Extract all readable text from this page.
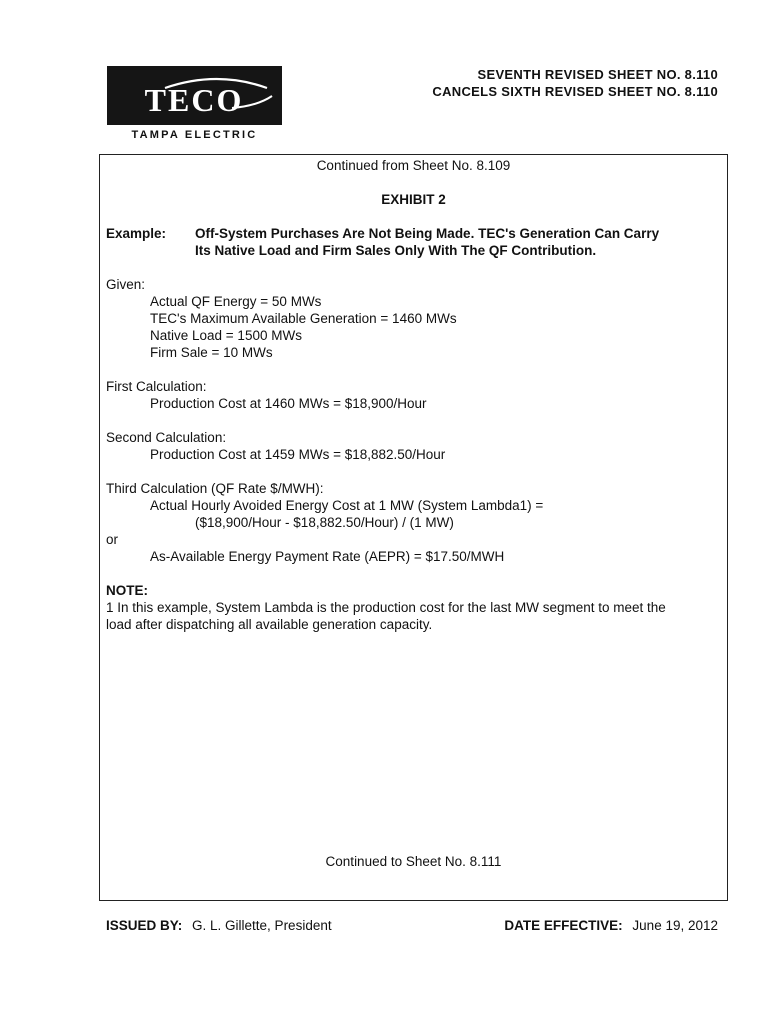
TECO
TAMPA ELECTRIC
SEVENTH REVISED SHEET NO. 8.110
CANCELS SIXTH REVISED SHEET NO. 8.110
Continued from Sheet No. 8.109
EXHIBIT 2
Example: Off-System Purchases Are Not Being Made. TEC's Generation Can Carry
Its Native Load and Firm Sales Only With The QF Contribution.
Given:
Actual QF Energy = 50 MWs
TEC's Maximum Available Generation = 1460 MWs
Native Load = 1500 MWs
Firm Sale = 10 MWs
First Calculation:
Production Cost at 1460 MWs = $18,900/Hour
Second Calculation:
Production Cost at 1459 MWs = $18,882.50/Hour
Third Calculation (QF Rate $/MWH):
Actual Hourly Avoided Energy Cost at 1 MW (System Lambda1) =
($18,900/Hour - $18,882.50/Hour) / (1 MW)
or
As-Available Energy Payment Rate (AEPR) = $17.50/MWH
NOTE:
1 In this example, System Lambda is the production cost for the last MW segment to meet the
load after dispatching all available generation capacity.
Continued to Sheet No. 8.111
ISSUED BY: G. L. Gillette, President	DATE EFFECTIVE: June 19, 2012
